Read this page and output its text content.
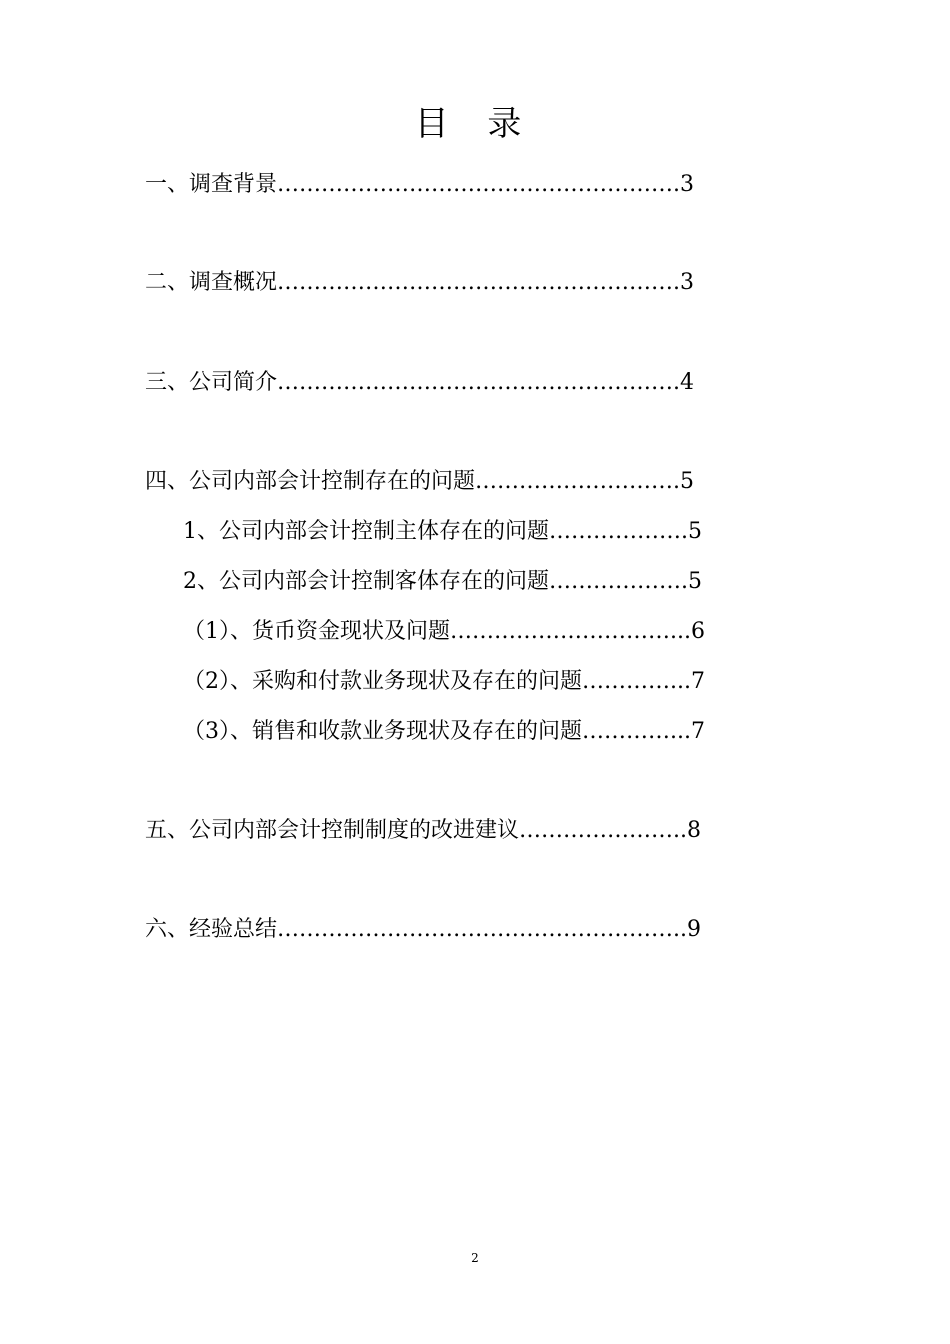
目 录
一、调查背景……………………………………………….3
二、调查概况……………………………………………….3
三、公司简介……………………………………………….4
四、公司内部会计控制存在的问题……………………….5
1、公司内部会计控制主体存在的问题……………….5
2、公司内部会计控制客体存在的问题……………….5
（1）、货币资金现状及问题…………………………...6
（2）、采购和付款业务现状及存在的问题…………...7
（3）、销售和收款业务现状及存在的问题…………...7
五、公司内部会计控制制度的改进建议…………………..8
六、经验总结………………………………………………..9
2
